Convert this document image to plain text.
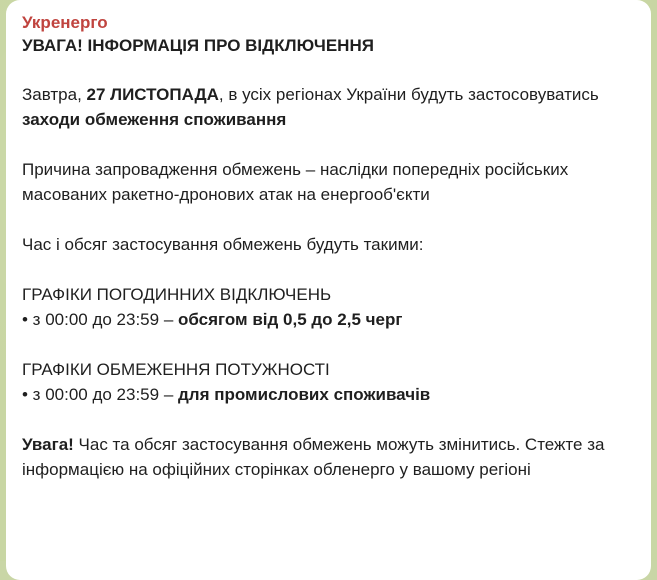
Укренерго
УВАГА! ІНФОРМАЦІЯ ПРО ВІДКЛЮЧЕННЯ

Завтра, 27 ЛИСТОПАДА, в усіх регіонах України будуть застосовуватись заходи обмеження споживання

Причина запровадження обмежень – наслідки попередніх російських масованих ракетно-дронових атак на енергооб'єкти

Час і обсяг застосування обмежень будуть такими:

ГРАФІКИ ПОГОДИННИХ ВІДКЛЮЧЕНЬ

• з 00:00 до 23:59 – обсягом від 0,5 до 2,5 черг

ГРАФІКИ ОБМЕЖЕННЯ ПОТУЖНОСТІ

• з 00:00 до 23:59 – для промислових споживачів

Увага! Час та обсяг застосування обмежень можуть змінитись. Стежте за інформацією на офіційних сторінках обленерго у вашому регіоні
